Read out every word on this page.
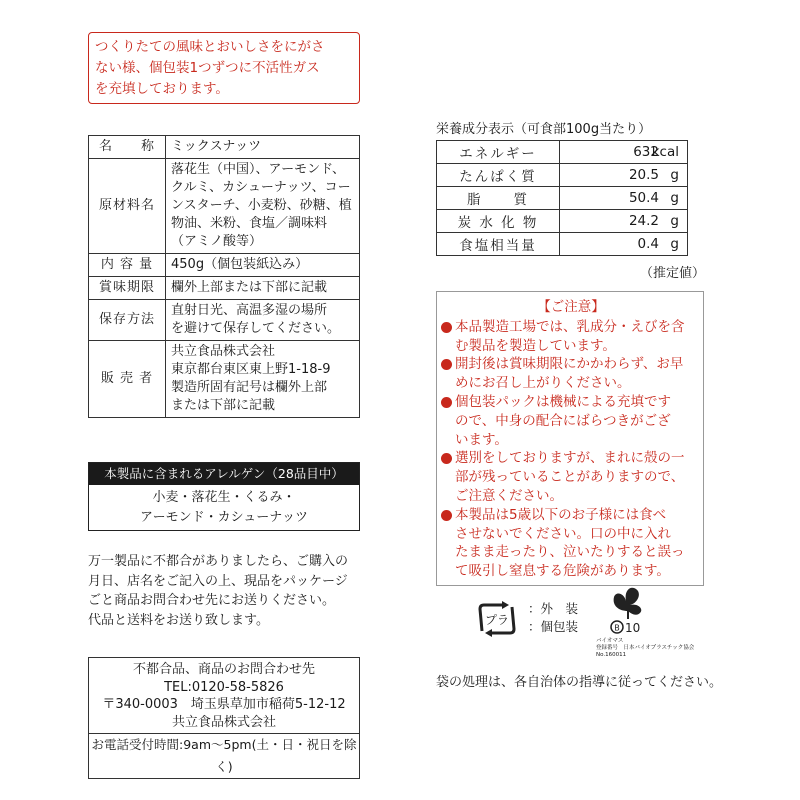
つくりたての風味とおいしさをにがさ
ない様、個包装1つずつに不活性ガス
を充填しております。
名　　称	ミックスナッツ
原材料名	落花生（中国）、アーモンド、
クルミ、カシューナッツ、コー
ンスターチ、小麦粉、砂糖、植
物油、米粉、食塩／調味料
（アミノ酸等）

内 容 量	450g（個包装紙込み）
賞味期限	欄外上部または下部に記載
保存方法	直射日光、高温多湿の場所
を避けて保存してください。

販 売 者	共立食品株式会社
東京都台東区東上野1-18-9
製造所固有記号は欄外上部
または下部に記載
本製品に含まれるアレルゲン（28品目中）
小麦・落花生・くるみ・
アーモンド・カシューナッツ
万一製品に不都合がありましたら、ご購入の
月日、店名をご記入の上、現品をパッケージ
ごと商品お問合わせ先にお送りください。
代品と送料をお送り致します。
不都合品、商品のお問合わせ先
TEL:0120-58-5826
〒340-0003　埼玉県草加市稲荷5-12-12
共立食品株式会社
お電話受付時間:9am〜5pm(土・日・祝日を除く)
栄養成分表示（可食部100g当たり）
エネルギー	632
kcal

たんぱく質	20.5 g

脂　　質	50.4 g

炭 水 化 物	24.2 g

食塩相当量	0.4 g
（推定値）
【ご注意】
本品製造工場では、乳成分・えびを含
む製品を製造しています。
開封後は賞味期限にかかわらず、お早
めにお召し上がりください。
個包装パックは機械による充填です
ので、中身の配合にばらつきがござ
います。
選別をしておりますが、まれに殻の一
部が残っていることがありますので、
ご注意ください。
本製品は5歳以下のお子様には食べ
させないでください。口の中に入れ
たまま走ったり、泣いたりすると誤っ
て吸引し窒息する危険があります。
プラ
：外　装
：個包装	B 10
バイオマス
登録番号　日本バイオプラスチック協会
No.160011
袋の処理は、各自治体の指導に従ってください。
